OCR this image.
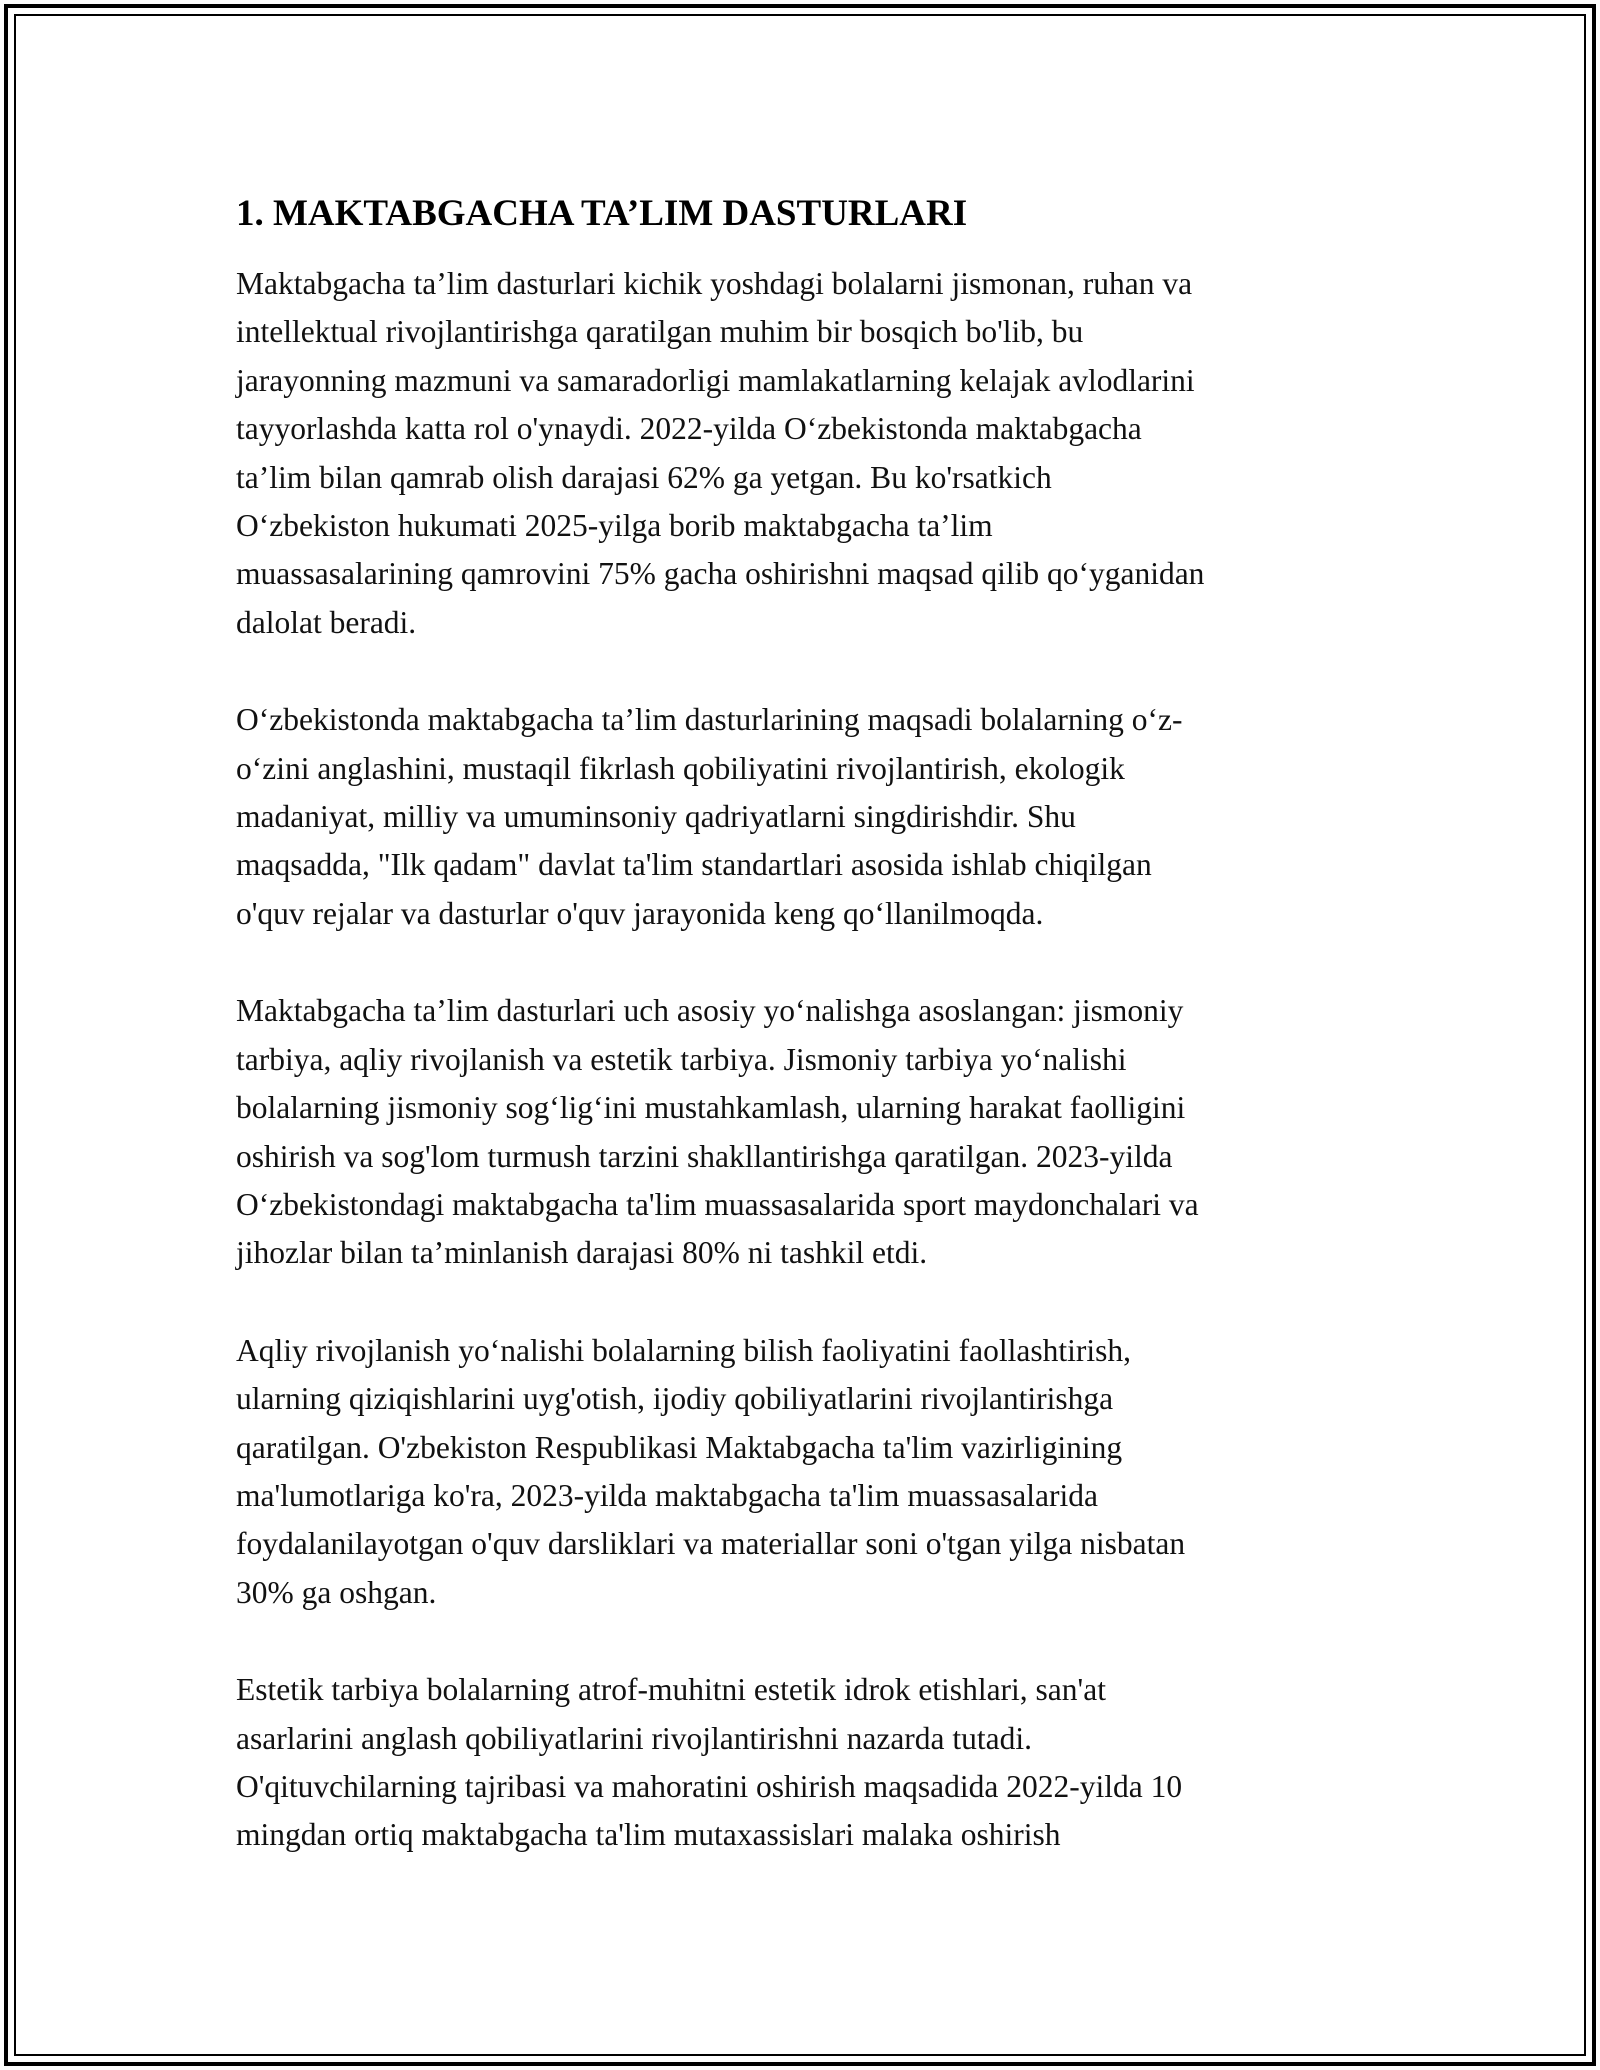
1. MAKTABGACHA TA’LIM DASTURLARI

Maktabgacha ta’lim dasturlari kichik yoshdagi bolalarni jismonan, ruhan va
intellektual rivojlantirishga qaratilgan muhim bir bosqich bo'lib, bu
jarayonning mazmuni va samaradorligi mamlakatlarning kelajak avlodlarini
tayyorlashda katta rol o'ynaydi. 2022-yilda O‘zbekistonda maktabgacha
ta’lim bilan qamrab olish darajasi 62% ga yetgan. Bu ko'rsatkich
O‘zbekiston hukumati 2025-yilga borib maktabgacha ta’lim
muassasalarining qamrovini 75% gacha oshirishni maqsad qilib qo‘yganidan
dalolat beradi.

O‘zbekistonda maktabgacha ta’lim dasturlarining maqsadi bolalarning o‘z-
o‘zini anglashini, mustaqil fikrlash qobiliyatini rivojlantirish, ekologik
madaniyat, milliy va umuminsoniy qadriyatlarni singdirishdir. Shu
maqsadda, "Ilk qadam" davlat ta'lim standartlari asosida ishlab chiqilgan
o'quv rejalar va dasturlar o'quv jarayonida keng qo‘llanilmoqda.

Maktabgacha ta’lim dasturlari uch asosiy yo‘nalishga asoslangan: jismoniy
tarbiya, aqliy rivojlanish va estetik tarbiya. Jismoniy tarbiya yo‘nalishi
bolalarning jismoniy sog‘lig‘ini mustahkamlash, ularning harakat faolligini
oshirish va sog'lom turmush tarzini shakllantirishga qaratilgan. 2023-yilda
O‘zbekistondagi maktabgacha ta'lim muassasalarida sport maydonchalari va
jihozlar bilan ta’minlanish darajasi 80% ni tashkil etdi.

Aqliy rivojlanish yo‘nalishi bolalarning bilish faoliyatini faollashtirish,
ularning qiziqishlarini uyg'otish, ijodiy qobiliyatlarini rivojlantirishga
qaratilgan. O'zbekiston Respublikasi Maktabgacha ta'lim vazirligining
ma'lumotlariga ko'ra, 2023-yilda maktabgacha ta'lim muassasalarida
foydalanilayotgan o'quv darsliklari va materiallar soni o'tgan yilga nisbatan
30% ga oshgan.

Estetik tarbiya bolalarning atrof-muhitni estetik idrok etishlari, san'at
asarlarini anglash qobiliyatlarini rivojlantirishni nazarda tutadi.
O'qituvchilarning tajribasi va mahoratini oshirish maqsadida 2022-yilda 10
mingdan ortiq maktabgacha ta'lim mutaxassislari malaka oshirish
